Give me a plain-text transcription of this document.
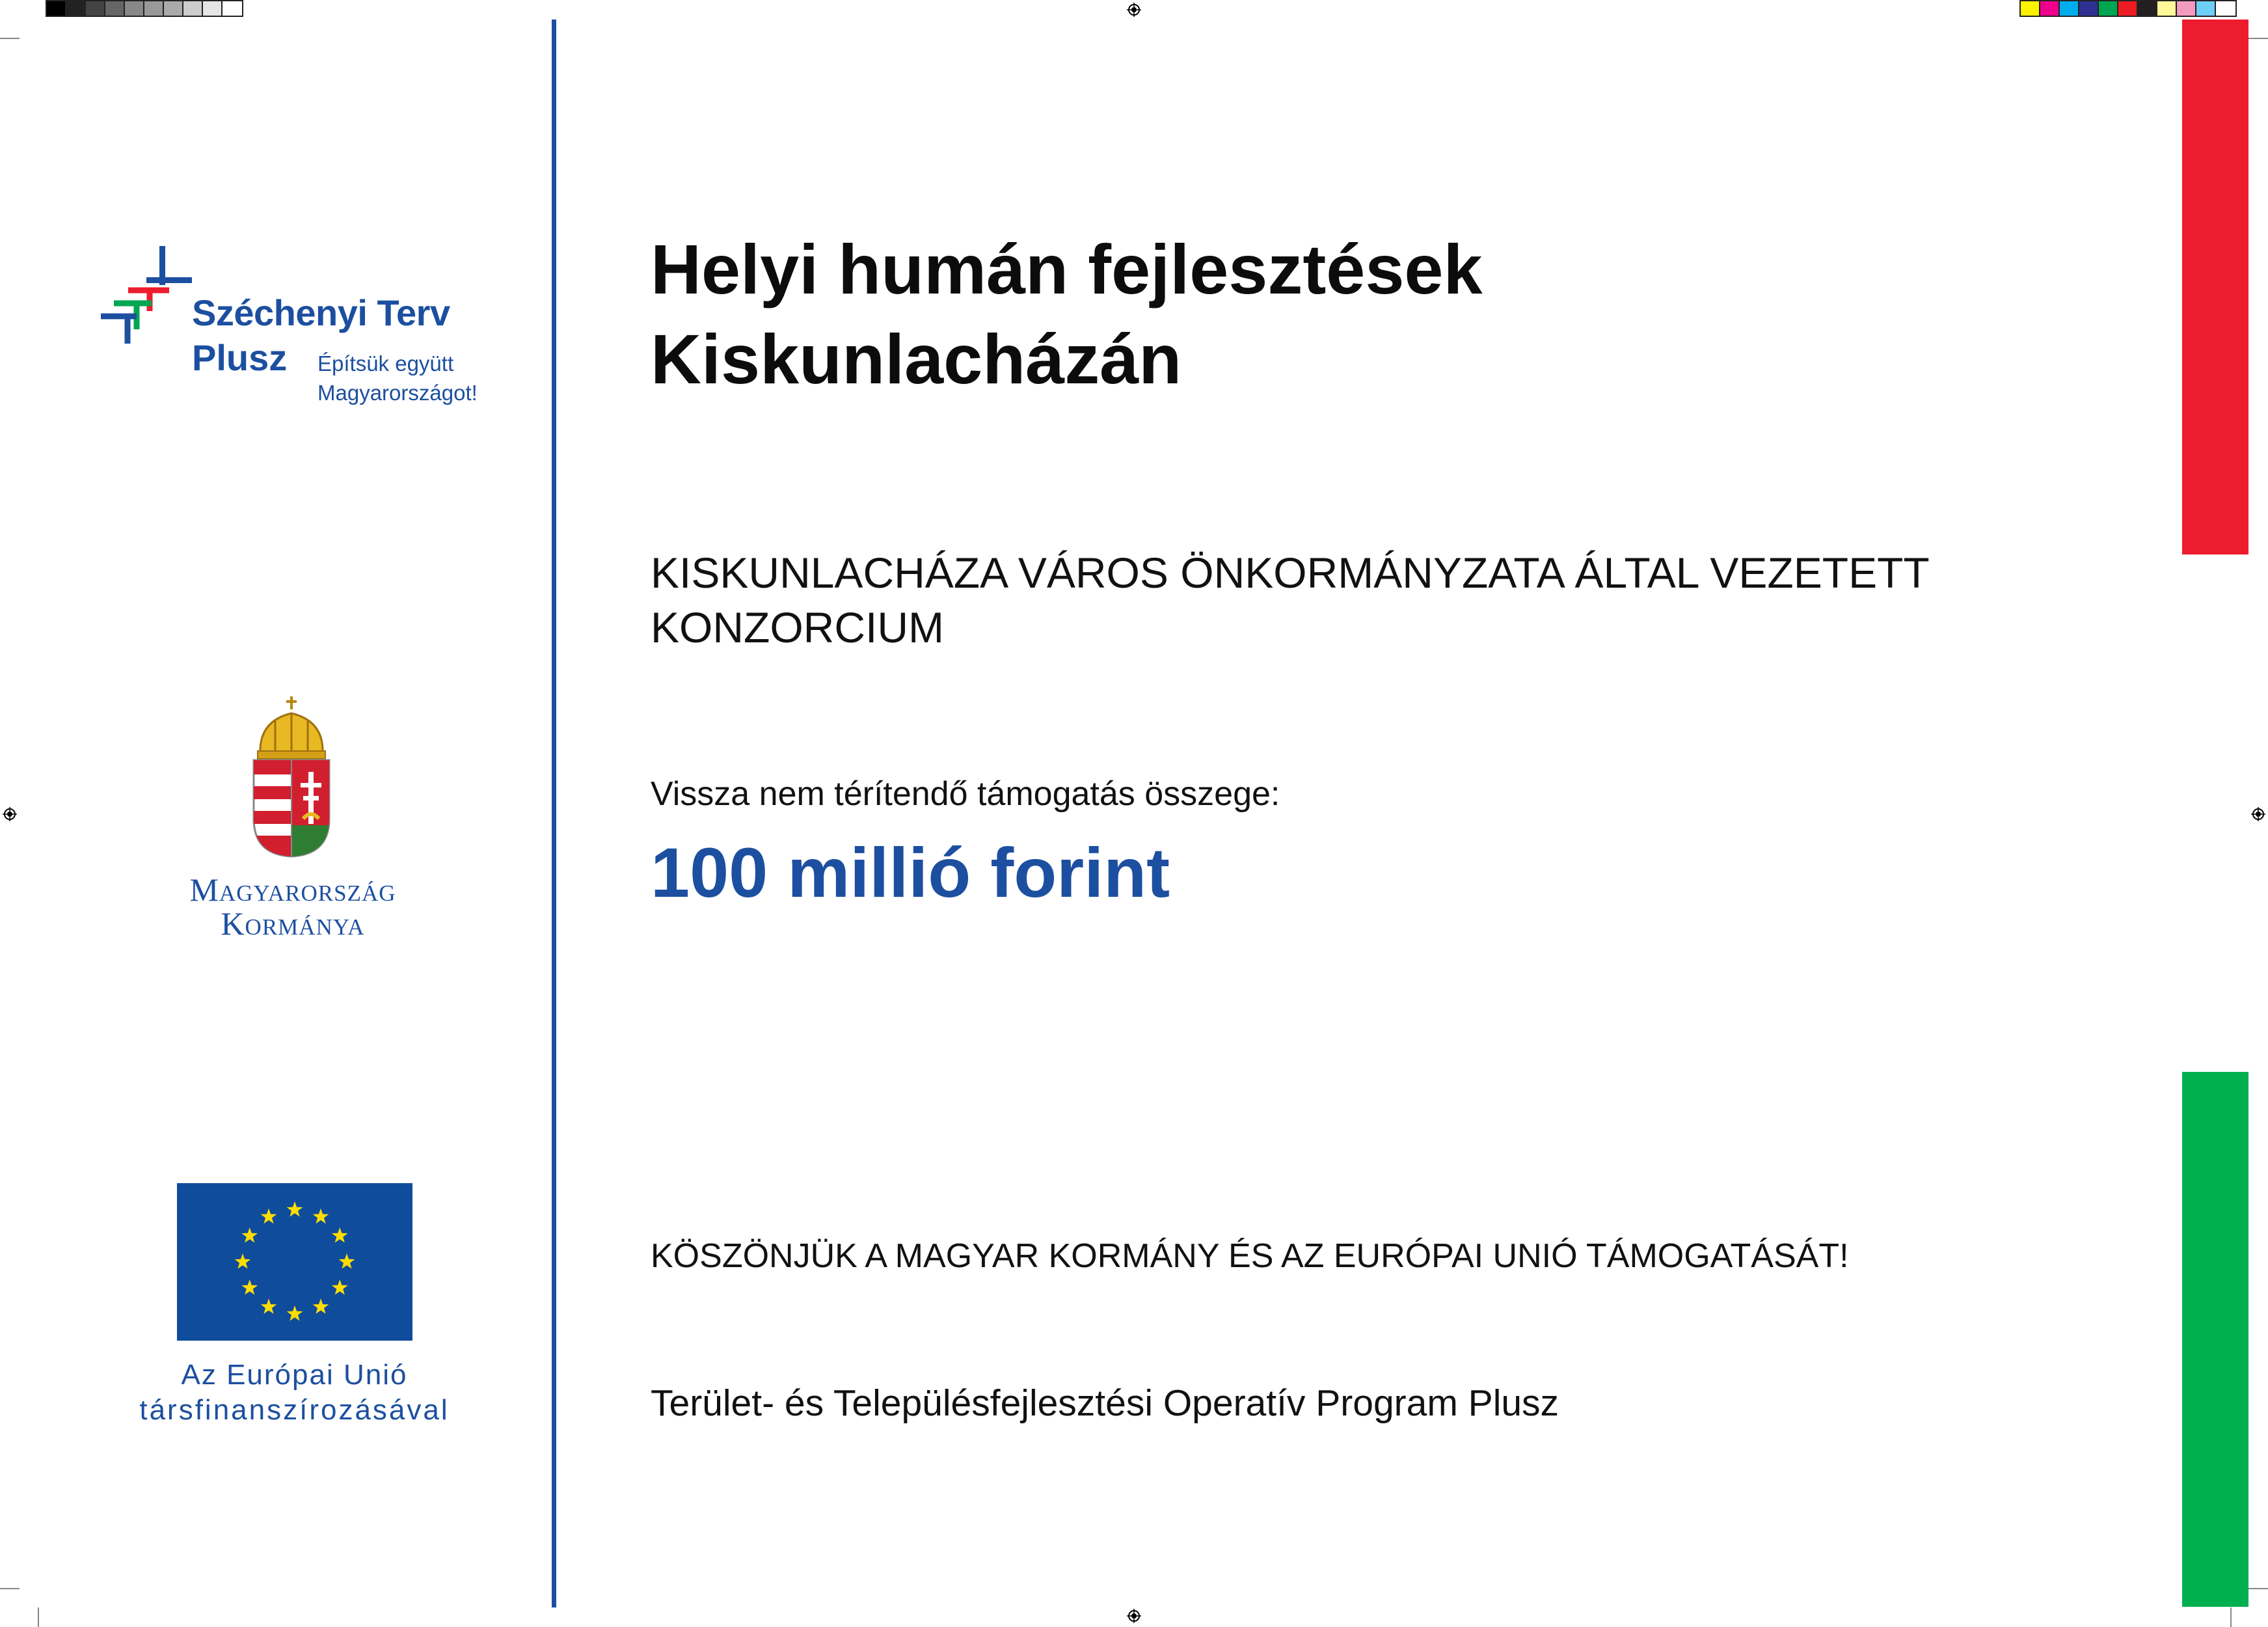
Széchenyi Terv
Plusz Építsük együtt
Magyarországot!
Magyarország
Kormánya
Az Európai Unió
társfinanszírozásával
Helyi humán fejlesztések
Kiskunlacházán
KISKUNLACHÁZA VÁROS ÖNKORMÁNYZATA ÁLTAL VEZETETT
KONZORCIUM
Vissza nem térítendő támogatás összege:
100 millió forint
KÖSZÖNJÜK A MAGYAR KORMÁNY ÉS AZ EURÓPAI UNIÓ TÁMOGATÁSÁT!
Terület- és Településfejlesztési Operatív Program Plusz
